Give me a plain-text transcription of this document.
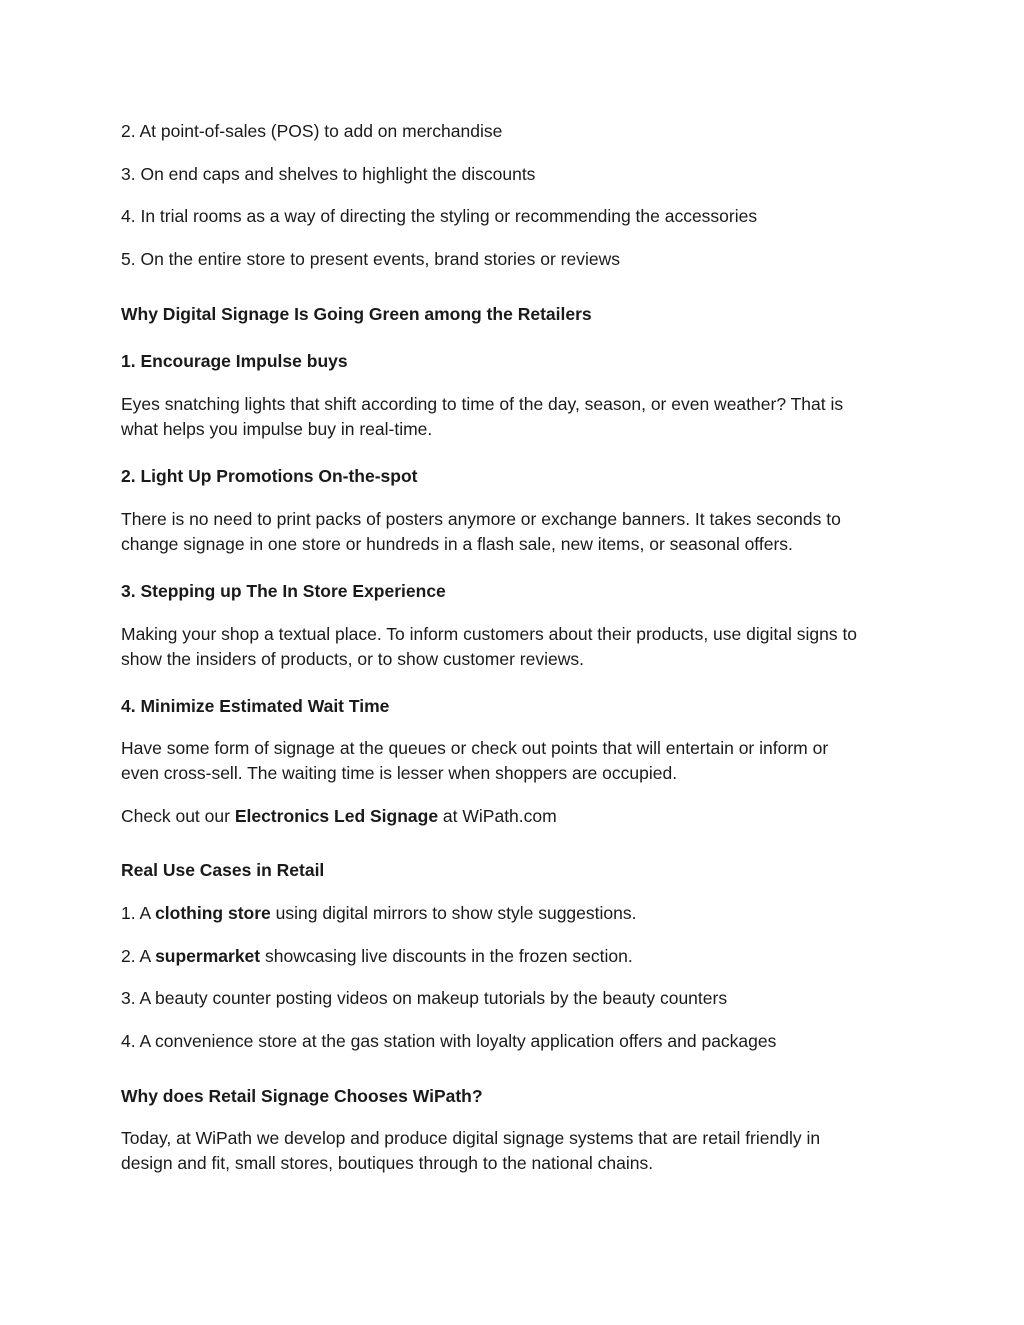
2. At point-of-sales (POS) to add on merchandise
3. On end caps and shelves to highlight the discounts
4. In trial rooms as a way of directing the styling or recommending the accessories
5. On the entire store to present events, brand stories or reviews
Why Digital Signage Is Going Green among the Retailers
1. Encourage Impulse buys
Eyes snatching lights that shift according to time of the day, season, or even weather? That is
what helps you impulse buy in real-time.
2. Light Up Promotions On-the-spot
There is no need to print packs of posters anymore or exchange banners. It takes seconds to
change signage in one store or hundreds in a flash sale, new items, or seasonal offers.
3. Stepping up The In Store Experience
Making your shop a textual place. To inform customers about their products, use digital signs to
show the insiders of products, or to show customer reviews.
4. Minimize Estimated Wait Time
Have some form of signage at the queues or check out points that will entertain or inform or
even cross-sell. The waiting time is lesser when shoppers are occupied.
Check out our Electronics Led Signage at WiPath.com
Real Use Cases in Retail
1. A clothing store using digital mirrors to show style suggestions.
2. A supermarket showcasing live discounts in the frozen section.
3. A beauty counter posting videos on makeup tutorials by the beauty counters
4. A convenience store at the gas station with loyalty application offers and packages
Why does Retail Signage Chooses WiPath?
Today, at WiPath we develop and produce digital signage systems that are retail friendly in
design and fit, small stores, boutiques through to the national chains.
